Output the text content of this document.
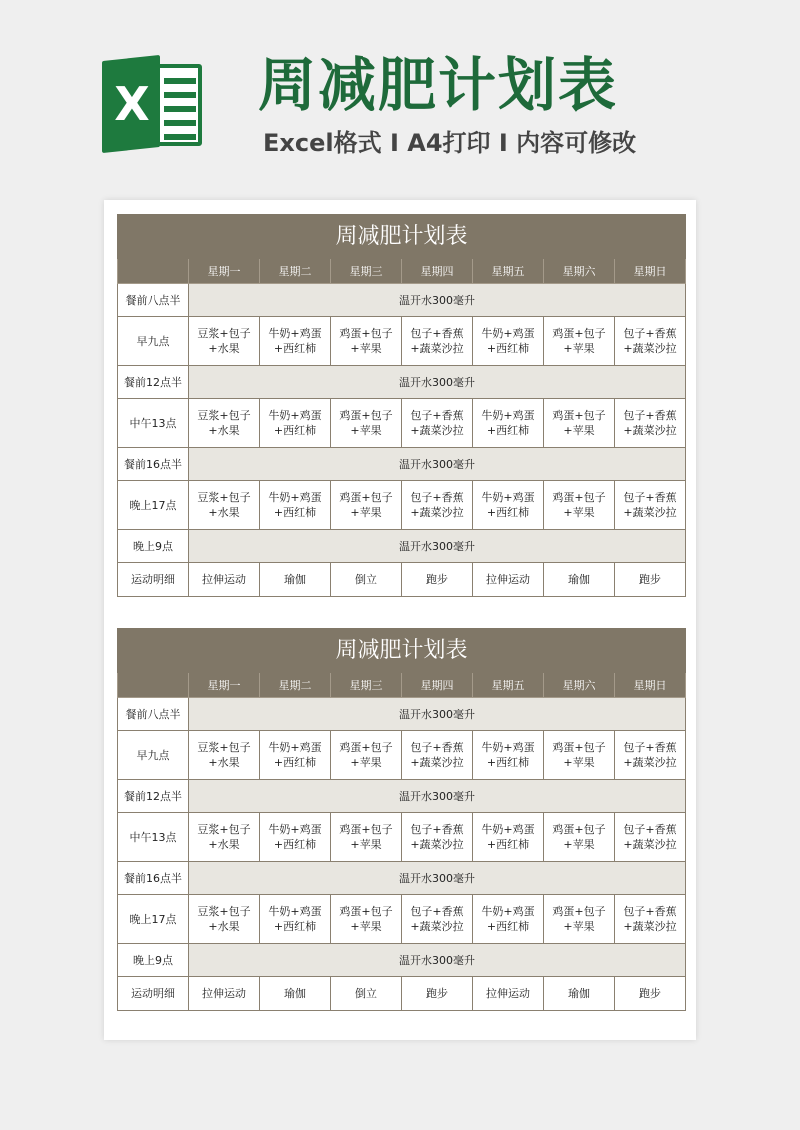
X 周减肥计划表
Excel格式 I A4打印 I 内容可修改
周减肥计划表							
	星期一	星期二	星期三	星期四	星期五	星期六	星期日
餐前八点半	温开水300毫升						
早九点	豆浆+包子+水果	牛奶+鸡蛋+西红柿	鸡蛋+包子+苹果	包子+香蕉+蔬菜沙拉	牛奶+鸡蛋+西红柿	鸡蛋+包子+苹果	包子+香蕉+蔬菜沙拉
餐前12点半	温开水300毫升						
中午13点	豆浆+包子+水果	牛奶+鸡蛋+西红柿	鸡蛋+包子+苹果	包子+香蕉+蔬菜沙拉	牛奶+鸡蛋+西红柿	鸡蛋+包子+苹果	包子+香蕉+蔬菜沙拉
餐前16点半	温开水300毫升						
晚上17点	豆浆+包子+水果	牛奶+鸡蛋+西红柿	鸡蛋+包子+苹果	包子+香蕉+蔬菜沙拉	牛奶+鸡蛋+西红柿	鸡蛋+包子+苹果	包子+香蕉+蔬菜沙拉
晚上9点	温开水300毫升						
运动明细	拉伸运动	瑜伽	倒立	跑步	拉伸运动	瑜伽	跑步
周减肥计划表							
	星期一	星期二	星期三	星期四	星期五	星期六	星期日
餐前八点半	温开水300毫升						
早九点	豆浆+包子+水果	牛奶+鸡蛋+西红柿	鸡蛋+包子+苹果	包子+香蕉+蔬菜沙拉	牛奶+鸡蛋+西红柿	鸡蛋+包子+苹果	包子+香蕉+蔬菜沙拉
餐前12点半	温开水300毫升						
中午13点	豆浆+包子+水果	牛奶+鸡蛋+西红柿	鸡蛋+包子+苹果	包子+香蕉+蔬菜沙拉	牛奶+鸡蛋+西红柿	鸡蛋+包子+苹果	包子+香蕉+蔬菜沙拉
餐前16点半	温开水300毫升						
晚上17点	豆浆+包子+水果	牛奶+鸡蛋+西红柿	鸡蛋+包子+苹果	包子+香蕉+蔬菜沙拉	牛奶+鸡蛋+西红柿	鸡蛋+包子+苹果	包子+香蕉+蔬菜沙拉
晚上9点	温开水300毫升						
运动明细	拉伸运动	瑜伽	倒立	跑步	拉伸运动	瑜伽	跑步
